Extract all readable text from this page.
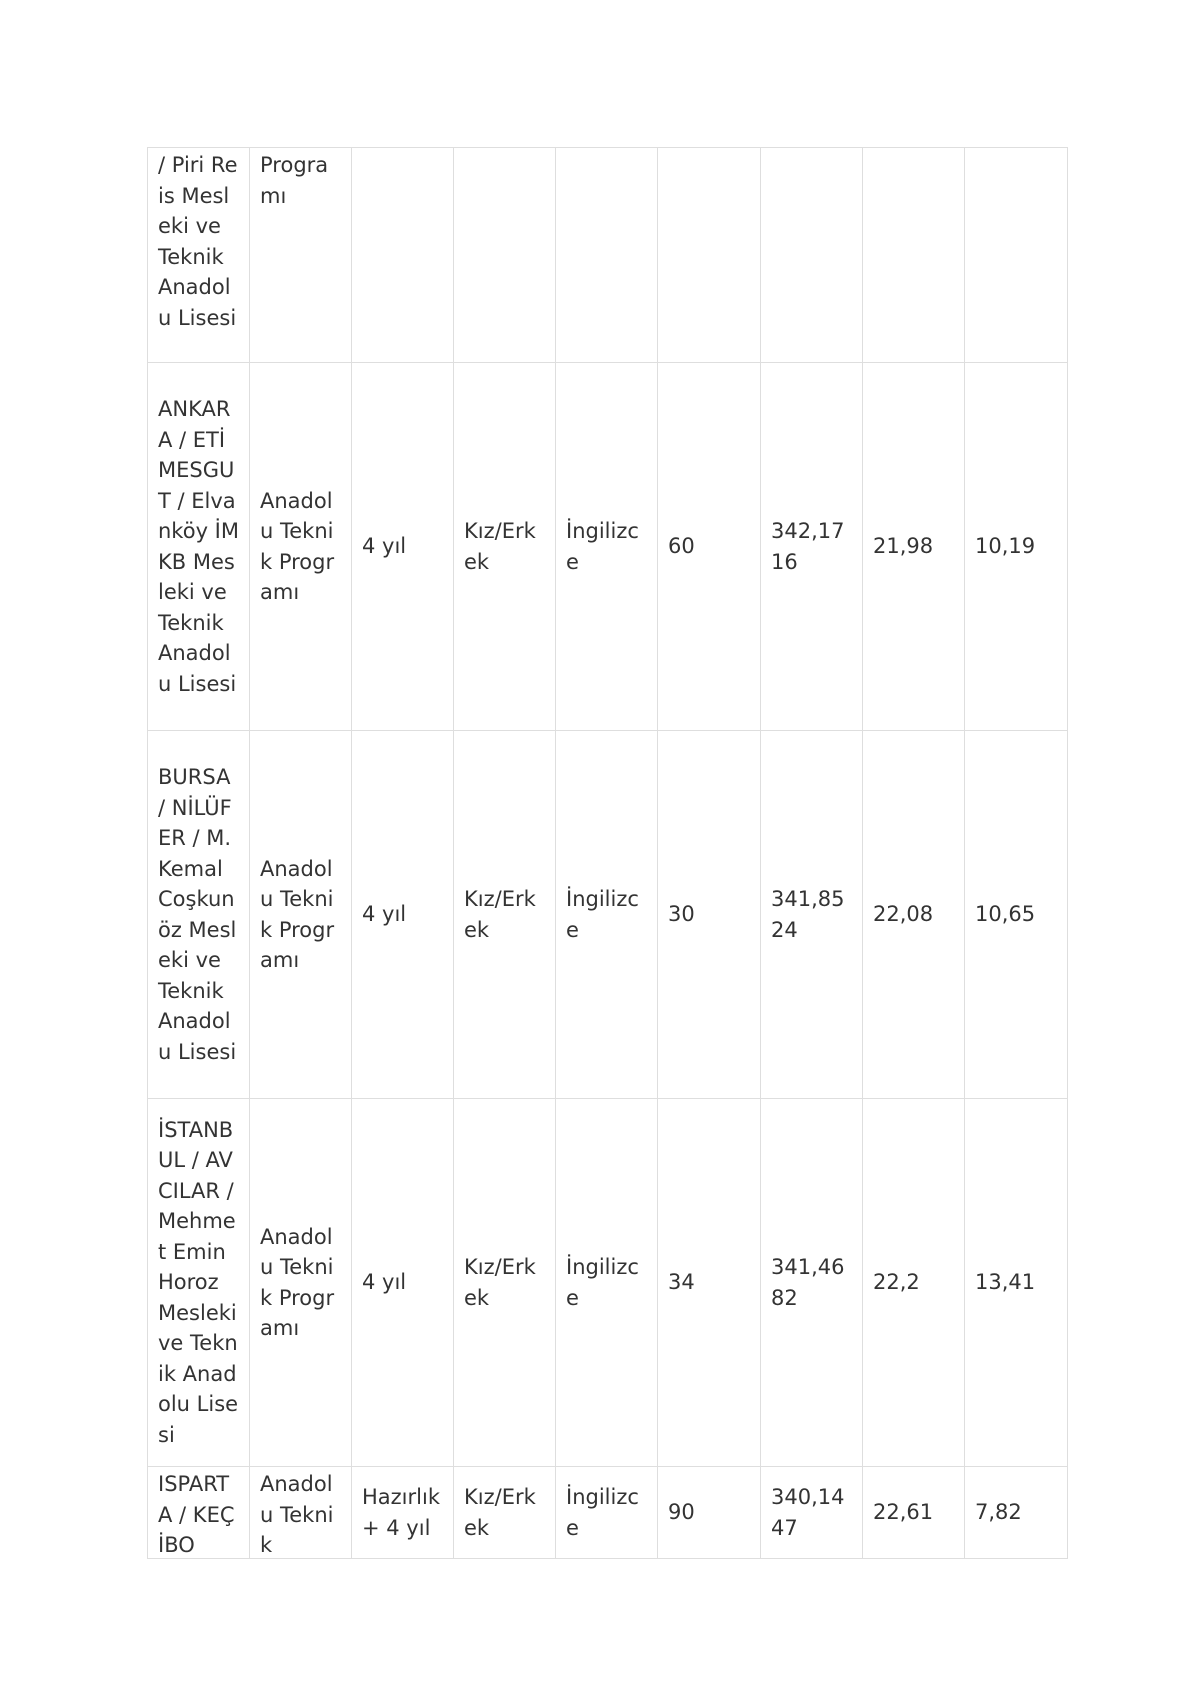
/ Piri Reis Mesleki ve Teknik Anadolu Lisesi	Programı							
ANKARA / ETİMESGUT / Elvanköy İMKB Mesleki ve Teknik Anadolu Lisesi	Anadolu Teknik Programı	4 yıl	Kız/Erkek	İngilizce	60	342,1716	21,98	10,19
BURSA / NİLÜFER / M. Kemal Coşkunöz Mesleki ve Teknik Anadolu Lisesi	Anadolu Teknik Programı	4 yıl	Kız/Erkek	İngilizce	30	341,8524	22,08	10,65
İSTANBUL / AVCILAR / Mehmet Emin Horoz Mesleki ve Teknik Anadolu Lisesi	Anadolu Teknik Programı	4 yıl	Kız/Erkek	İngilizce	34	341,4682	22,2	13,41

ISPARTA / KEÇİBO	Anadolu Teknik	Hazırlık + 4 yıl	Kız/Erkek	İngilizce	90	340,1447	22,61	7,82
